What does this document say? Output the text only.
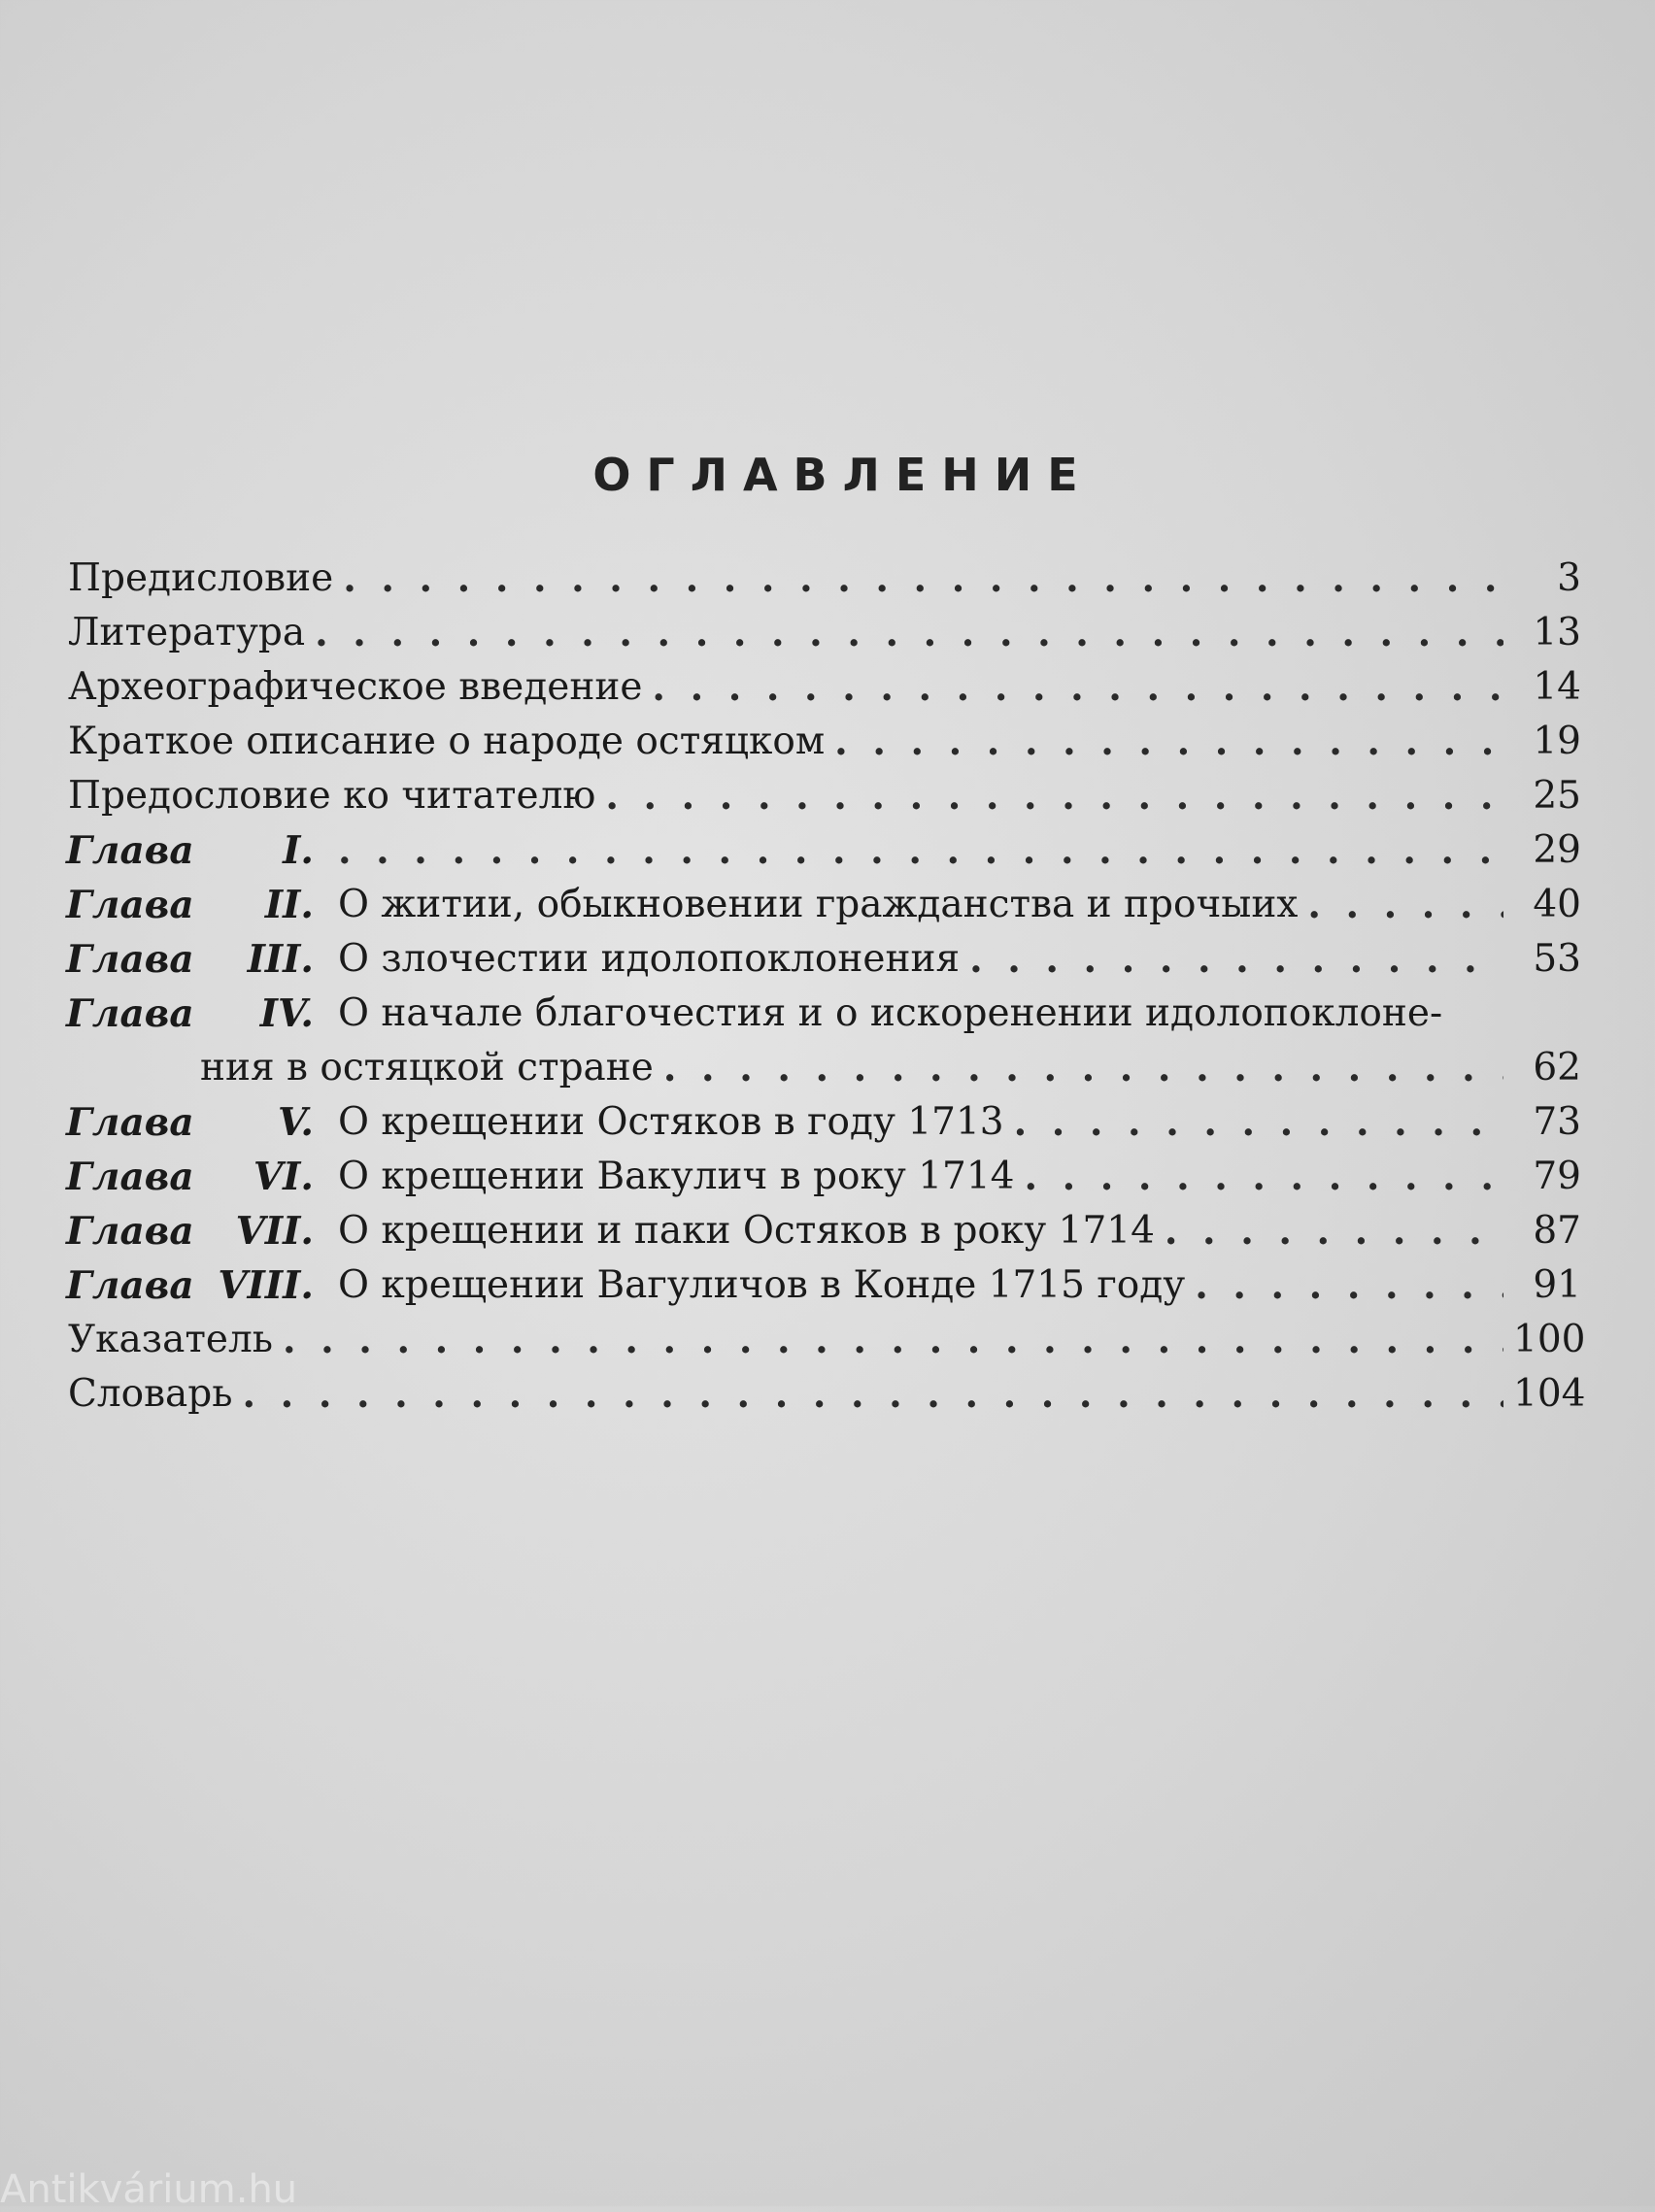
ОГЛАВЛЕНИЕ
Предисловие . . .	3
Литература . . .	13
Археографическое введение . . .	14
Краткое описание о народе остяцком . . .	19
Предословие ко читателю . . .	25
Глава I. . . .	29
Глава II. О житии, обыкновении гражданства и прочыих . . .	40
Глава III. О злочестии идолопоклонения . . .	53
Глава IV. О начале благочестия и о искоренении идолопоклоне-
ния в остяцкой стране . . .	62
Глава V. О крещении Остяков в году 1713 . . .	73
Глава VI. О крещении Вакулич в року 1714 . . .	79
Глава VII. О крещении и паки Остяков в року 1714 . . .	87
Глава VIII. О крещении Вагуличов в Конде 1715 году . . .	91
Указатель . . .	100
Словарь . . .	104
Antikvárium.hu
